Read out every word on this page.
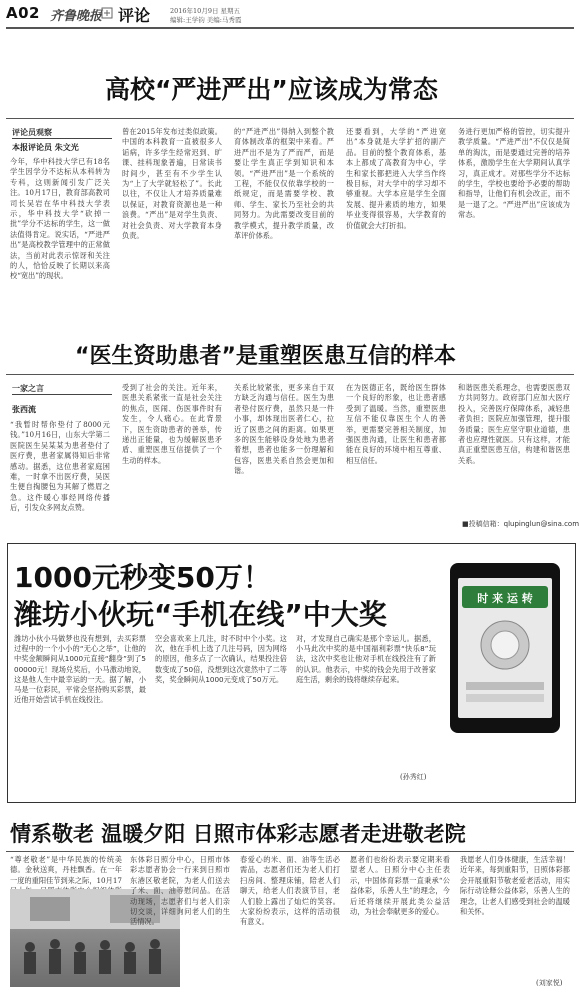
A02 齐鲁晚报 评论	2016年10月9日 星期五
编辑:王学钧 美编:马秀霞
高校“严进严出”应该成为常态
评论员观察
本报评论员 朱文光
今年，华中科技大学已有18名学生因学分不达标从本科转为专科，这则新闻引发广泛关注。10月17日，教育部高教司司长吴岩在华中科技大学表示，华中科技大学“砍掉一批”学分不达标的学生，这一做法值得肯定。说实话，“严进严出”是高校教学管理中的正常做法，当前对此表示惊讶和关注的人，恰恰反映了长期以来高校“宽出”的现状。
曾在2015年发布过类似政策。中国的本科教育一直被很多人诟病，许多学生经常迟到、旷课、挂科现象普遍，日常读书时间少，甚至有不少学生认为“上了大学就轻松了”。长此以往，不仅让人才培养质量难以保证，对教育资源也是一种浪费。“严出”是对学生负责、对社会负责、对大学教育本身负责。
的“严进严出”得纳入到整个教育体制改革的框架中来看。严进严出不是为了严而严，而是要让学生真正学到知识和本领。“严进严出”是一个系统的工程，不能仅仅依靠学校的一纸规定，而是需要学校、教师、学生、家长乃至社会的共同努力。为此需要改变目前的教学模式，提升教学质量，改革评价体系。
还要看到，大学的“严进宽出”本身就是大学扩招的副产品。目前的整个教育体系，基本上都成了高教育为中心，学生和家长都把进入大学当作终极目标，对大学中的学习却不够重视。大学本应是学生全面发展、提升素质的地方，如果毕业变得很容易，大学教育的价值就会大打折扣。
务进行更加严格的管控，切实提升教学质量。“严进严出”不仅仅是简单的淘汰，而是要通过完善的培养体系，激励学生在大学期间认真学习，真正成才。对那些学分不达标的学生，学校也要给予必要的帮助和指导，让他们有机会改正，而不是一退了之。“严进严出”应该成为常态。
“医生资助患者”是重塑医患互信的样本
一家之言
张西流
“我暂时帮你垫付了8000元钱。”10月16日，山东大学第二医院医生吴某某为患者垫付了医疗费，患者家属得知后非常感动。据悉，这位患者家庭困难，一时拿不出医疗费，吴医生便自掏腰包为其解了燃眉之急。这件暖心事经网络传播后，引发众多网友点赞。
受到了社会的关注。近年来，医患关系紧张一直是社会关注的焦点，医闹、伤医事件时有发生，令人痛心。在此背景下，医生资助患者的善举，传递出正能量，也为缓解医患矛盾、重塑医患互信提供了一个生动的样本。
关系比较紧张，更多来自于双方缺乏沟通与信任。医生为患者垫付医疗费，虽然只是一件小事，却体现出医者仁心，拉近了医患之间的距离。如果更多的医生能够设身处地为患者着想，患者也能多一份理解和包容，医患关系自然会更加和谐。
在为医德正名，既给医生群体一个良好的形象，也让患者感受到了温暖。当然，重塑医患互信不能仅靠医生个人的善举，更需要完善相关制度，加强医患沟通，让医生和患者都能在良好的环境中相互尊重、相互信任。
和谐医患关系理念，也需要医患双方共同努力。政府部门应加大医疗投入，完善医疗保障体系，减轻患者负担；医院应加强管理，提升服务质量；医生应坚守职业道德，患者也应理性就医。只有这样，才能真正重塑医患互信，构建和谐医患关系。
■投稿信箱：qlupinglun@sina.com
1000元秒变50万！
潍坊小伙玩“手机在线”中大奖
潍坊小伙小马做梦也没有想到，去买彩票过程中的一个小小的“无心之举”，让他的中奖金额瞬间从1000元直接“翻身”到了500000元！现场兑奖后，小马激动地说，这是他人生中最幸运的一天。据了解，小马是一位彩民，平常会坚持购买彩票，最近他开始尝试手机在线投注。
空会喜欢来上几注，时不时中个小奖。这次，他在手机上选了几注号码，因为网络的原因，他多点了一次确认，结果投注倍数变成了50倍，没想到这次竟然中了二等奖，奖金瞬间从1000元变成了50万元。
对，才发现自己确实是那个幸运儿。据悉，小马此次中奖的是中国福利彩票“快乐8”玩法，这次中奖也让他对手机在线投注有了新的认识。他表示，中奖的钱会先用于改善家庭生活，剩余的钱将继续存起来。
(孙秀红)
时 来 运 转
情系敬老 温暖夕阳 日照市体彩志愿者走进敬老院
“尊老敬老”是中华民族的传统美德。金秋送爽，丹桂飘香。在一年一度的重阳佳节到来之际，10月17
东体彩日照分中心，日照市体彩志愿者协会一行来到日照市东港区敬老院，为老人们送去了米、面、油等慰问品。在活动现场，志愿者们与老人们亲切交谈，详细询问老人们的生活情况。
春爱心的米、面、油等生活必需品，志愿者们还为老人们打扫房间、整理床铺，陪老人们聊天，给老人们表演节目，老人们脸上露出了灿烂的笑容。大家纷纷表示，这样的活动很有意义。
愿者们也纷纷表示要定期来看望老人。日照分中心主任表示，中国体育彩票一直秉承“公益体彩，乐善人生”的理念，今后还将继续开展此类公益活动，为社会奉献更多的爱心。
我愿老人们身体健康，生活幸福！近年来，每到重阳节，日照体彩都会开展重阳节敬老爱老活动，用实际行动诠释公益体彩，乐善人生的理念，让老人们感受到社会的温暖和关怀。
(刘家悦)
